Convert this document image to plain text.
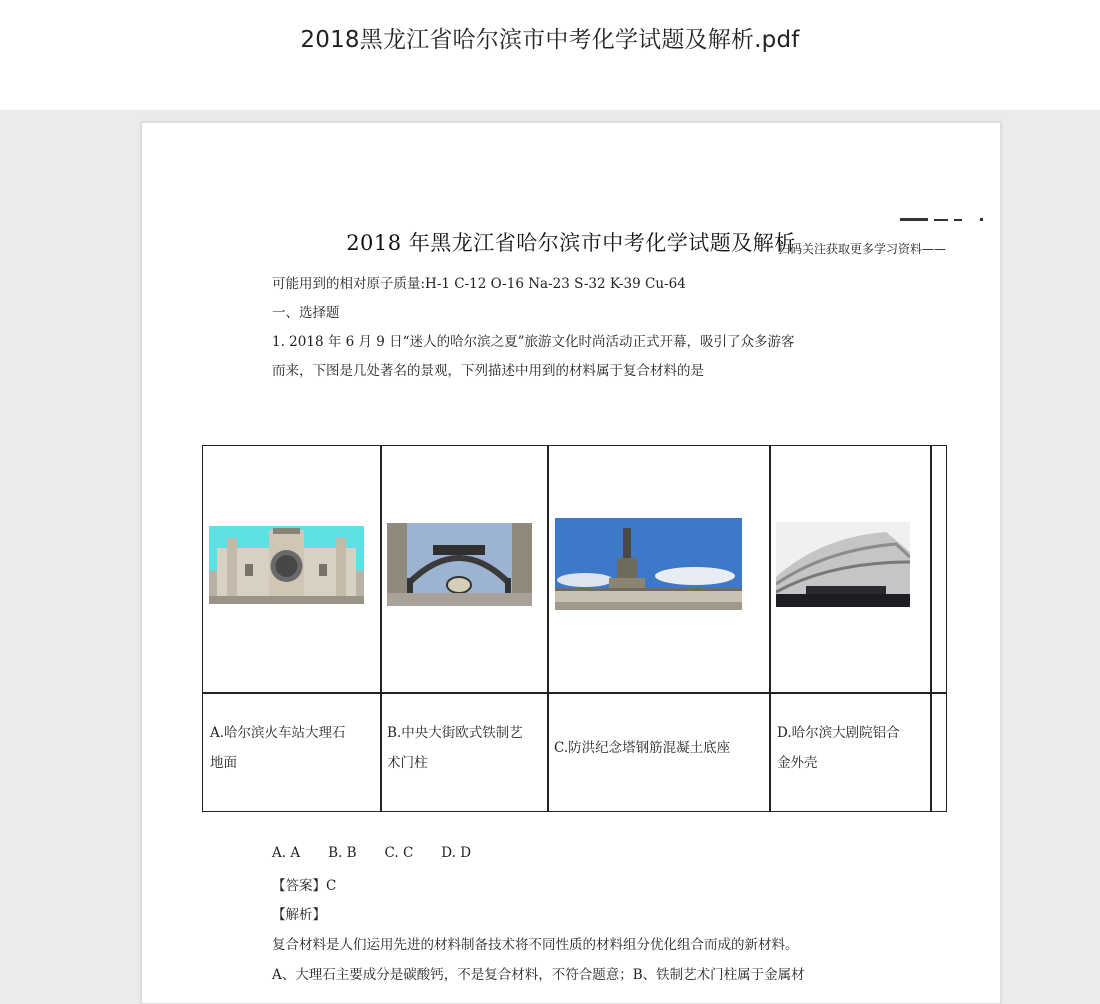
2018黑龙江省哈尔滨市中考化学试题及解析.pdf
2018 年黑龙江省哈尔滨市中考化学试题及解析
扫码关注获取更多学习资料——
可能用到的相对原子质量:H-1 C-12 O-16 Na-23 S-32 K-39 Cu-64
一、选择题
1. 2018 年 6 月 9 日“迷人的哈尔滨之夏”旅游文化时尚活动正式开幕，吸引了众多游客
而来，下图是几处著名的景观，下列描述中用到的材料属于复合材料的是
A.哈尔滨火车站大理石
地面
B.中央大街欧式铁制艺
术门柱
C.防洪纪念塔钢筋混凝土底座
D.哈尔滨大剧院铝合
金外壳
A. A B. B C. C D. D
【答案】C
【解析】
复合材料是人们运用先进的材料制备技术将不同性质的材料组分优化组合而成的新材料。
A、大理石主要成分是碳酸钙，不是复合材料，不符合题意；B、铁制艺术门柱属于金属材
